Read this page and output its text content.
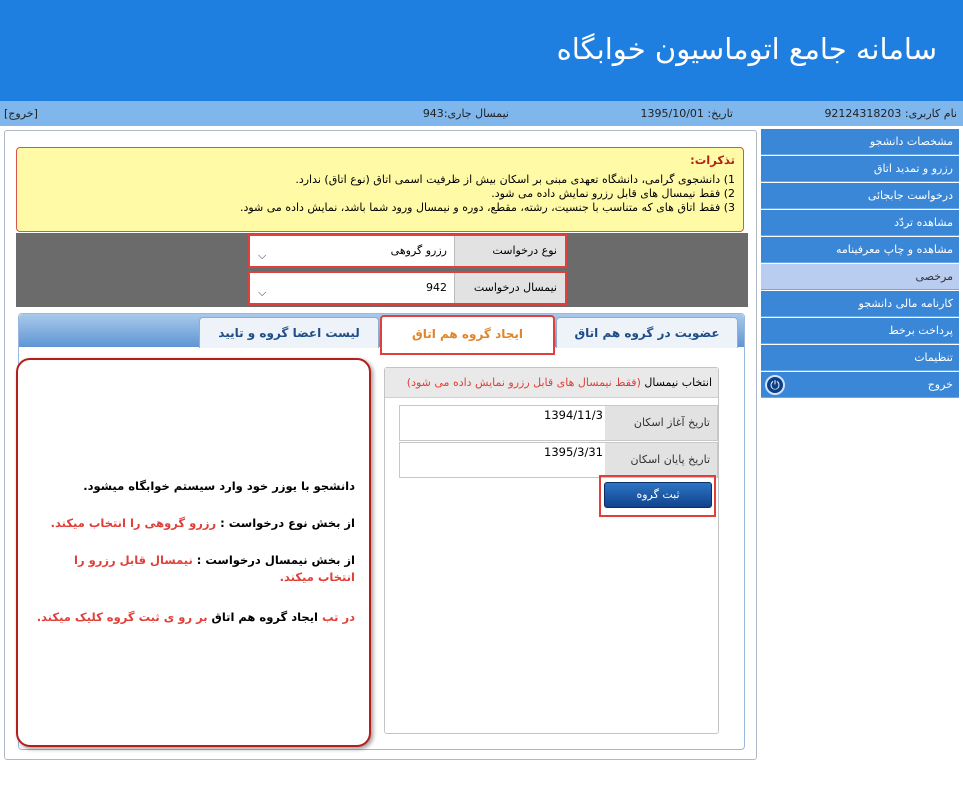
سامانه جامع اتوماسیون خوابگاه
نام کاربری: 92124318203
تاریخ: 1395/10/01
نیمسال جاری:943
[خروج]
مشخصات دانشجو
رزرو و تمدید اتاق
درخواست جابجائی
مشاهده تردّد
مشاهده و چاپ معرفینامه
مرخصی
کارنامه مالی دانشجو
پرداخت برخط
تنظیمات
خروج
⏻
تذکرات:

1) دانشجوی گرامی، دانشگاه تعهدی مبنی بر اسکان بیش از ظرفیت اسمی اتاق (نوع اتاق) ندارد.

2) فقط نیمسال های قابل رزرو نمایش داده می شود.

3) فقط اتاق های که متناسب با جنسیت، رشته، مقطع، دوره و نیمسال ورود شما باشد، نمایش داده می شود.

نوع درخواست
رزرو گروهی
⌵
نیمسال درخواست
942
⌵
عضویت در گروه هم اتاق
ایجاد گروه هم اتاق
لیست اعضا گروه و تایید
دانشجو با یوزر خود وارد سیستم خوابگاه میشود.
از بخش نوع درخواست : رزرو گروهی را انتخاب میکند.
از بخش نیمسال درخواست : نیمسال قابل رزرو را انتخاب میکند.
در تب ایجاد گروه هم اتاق بر رو ی ثبت گروه کلیک میکند.
انتخاب نیمسال (فقط نیمسال های قابل رزرو نمایش داده می شود)
تاریخ آغاز اسکان
1394/11/3
تاریخ پایان اسکان
1395/3/31
ثبت گروه
